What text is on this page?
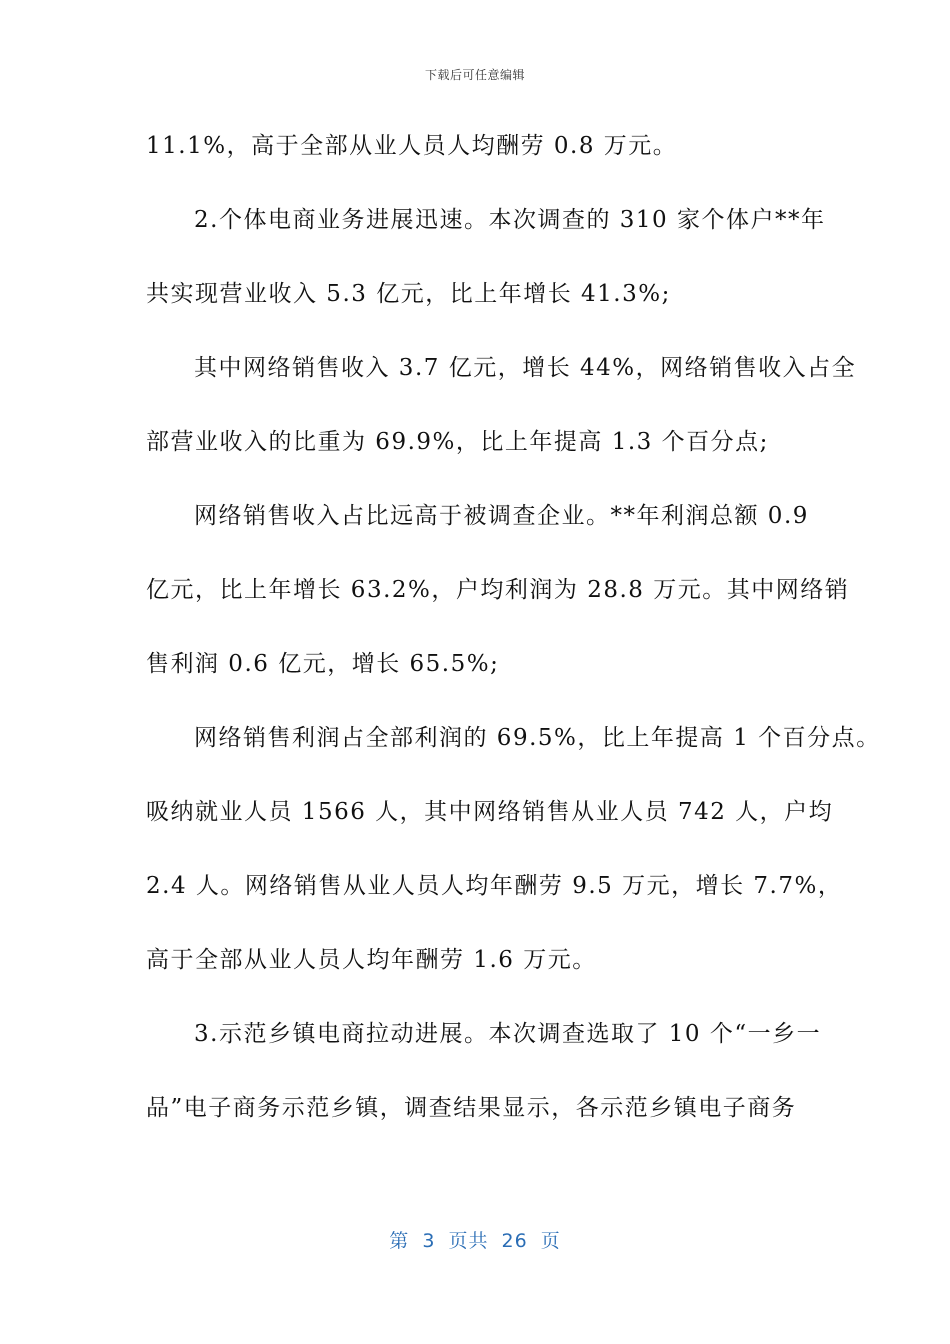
下载后可任意编辑
11.1%，高于全部从业人员人均酬劳 0.8 万元。
2.个体电商业务进展迅速。本次调查的 310 家个体户**年
共实现营业收入 5.3 亿元，比上年增长 41.3%;
其中网络销售收入 3.7 亿元，增长 44%，网络销售收入占全
部营业收入的比重为 69.9%，比上年提高 1.3 个百分点;
网络销售收入占比远高于被调查企业。**年利润总额 0.9
亿元，比上年增长 63.2%，户均利润为 28.8 万元。其中网络销
售利润 0.6 亿元，增长 65.5%;
网络销售利润占全部利润的 69.5%，比上年提高 1 个百分点。
吸纳就业人员 1566 人，其中网络销售从业人员 742 人，户均
2.4 人。网络销售从业人员人均年酬劳 9.5 万元，增长 7.7%，
高于全部从业人员人均年酬劳 1.6 万元。
3.示范乡镇电商拉动进展。本次调查选取了 10 个“一乡一
品”电子商务示范乡镇，调查结果显示，各示范乡镇电子商务
第 3 页共 26 页
